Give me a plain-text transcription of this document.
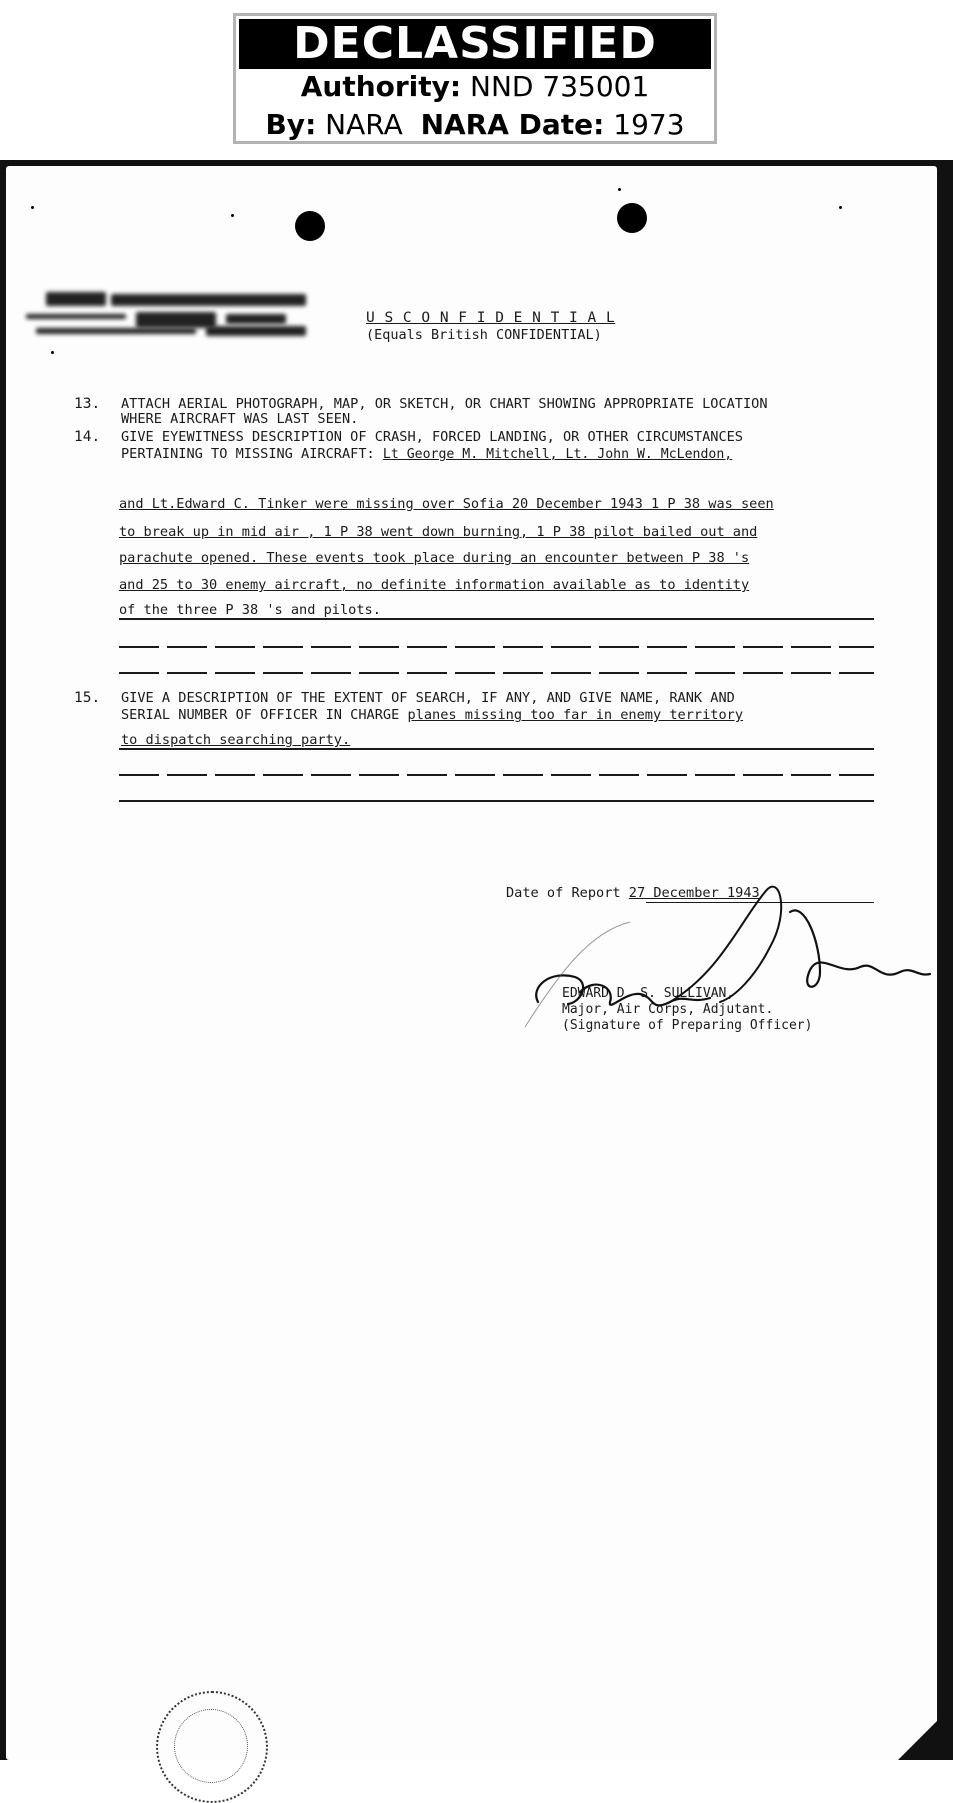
DECLASSIFIED
Authority: NND 735001
By: NARA NARA Date: 1973
U S C O N F I D E N T I A L
(Equals British CONFIDENTIAL)
13. ATTACH AERIAL PHOTOGRAPH, MAP, OR SKETCH, OR CHART SHOWING APPROPRIATE LOCATION
WHERE AIRCRAFT WAS LAST SEEN.
14. GIVE EYEWITNESS DESCRIPTION OF CRASH, FORCED LANDING, OR OTHER CIRCUMSTANCES
PERTAINING TO MISSING AIRCRAFT: Lt George M. Mitchell, Lt. John W. McLendon,
and Lt.Edward C. Tinker were missing over Sofia 20 December 1943 1 P 38 was seen
to break up in mid air , 1 P 38 went down burning, 1 P 38 pilot bailed out and
parachute opened. These events took place during an encounter between P 38 's
and 25 to 30 enemy aircraft, no definite information available as to identity
of the three P 38 's and pilots.
15. GIVE A DESCRIPTION OF THE EXTENT OF SEARCH, IF ANY, AND GIVE NAME, RANK AND
SERIAL NUMBER OF OFFICER IN CHARGE planes missing too far in enemy territory
to dispatch searching party.
Date of Report 27 December 1943
EDWARD D. S. SULLIVAN,
Major, Air Corps, Adjutant.
(Signature of Preparing Officer)
